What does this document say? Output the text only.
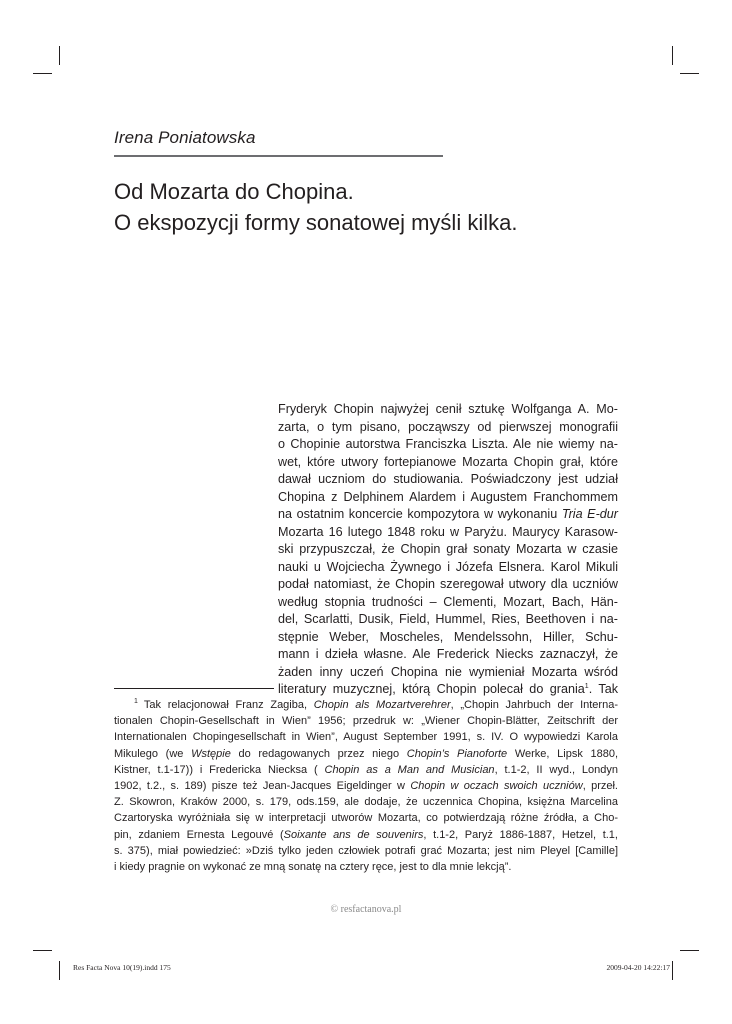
Irena Poniatowska
Od Mozarta do Chopina.
O ekspozycji formy sonatowej myśli kilka.
Fryderyk Chopin najwyżej cenił sztukę Wolfganga A. Mo-
zarta, o tym pisano, począwszy od pierwszej monografii
o Chopinie autorstwa Franciszka Liszta. Ale nie wiemy na-
wet, które utwory fortepianowe Mozarta Chopin grał, które
dawał uczniom do studiowania. Poświadczony jest udział
Chopina z Delphinem Alardem i Augustem Franchommem
na ostatnim koncercie kompozytora w wykonaniu Tria E-dur
Mozarta 16 lutego 1848 roku w Paryżu. Maurycy Karasow-
ski przypuszczał, że Chopin grał sonaty Mozarta w czasie
nauki u Wojciecha Żywnego i Józefa Elsnera. Karol Mikuli
podał natomiast, że Chopin szeregował utwory dla uczniów
według stopnia trudności – Clementi, Mozart, Bach, Hän-
del, Scarlatti, Dusik, Field, Hummel, Ries, Beethoven i na-
stępnie Weber, Moscheles, Mendelssohn, Hiller, Schu-
mann i dzieła własne. Ale Frederick Niecks zaznaczył, że
żaden inny uczeń Chopina nie wymieniał Mozarta wśród
literatury muzycznej, którą Chopin polecał do grania$^1$. Tak
$^1$ Tak relacjonował Franz Zagiba, Chopin als Mozartverehrer, „Chopin Jahrbuch der Interna-
tionalen Chopin-Gesellschaft in Wien” 1956; przedruk w: „Wiener Chopin-Blätter, Zeitschrift der
Internationalen Chopingesellschaft in Wien”, August September 1991, s. IV. O wypowiedzi Karola
Mikulego (we Wstępie do redagowanych przez niego Chopin’s Pianoforte Werke, Lipsk 1880,
Kistner, t.1-17)) i Fredericka Niecksa ( Chopin as a Man and Musician, t.1-2, II wyd., Londyn
1902, t.2., s. 189) pisze też Jean-Jacques Eigeldinger w Chopin w oczach swoich uczniów, przeł.
Z. Skowron, Kraków 2000, s. 179, ods.159, ale dodaje, że uczennica Chopina, księżna Marcelina
Czartoryska wyróżniała się w interpretacji utworów Mozarta, co potwierdzają różne źródła, a Cho-
pin, zdaniem Ernesta Legouvé (Soixante ans de souvenirs, t.1-2, Paryż 1886-1887, Hetzel, t.1,
s. 375), miał powiedzieć: »Dziś tylko jeden człowiek potrafi grać Mozarta; jest nim Pleyel [Camille]
i kiedy pragnie on wykonać ze mną sonatę na cztery ręce, jest to dla mnie lekcją”.
© resfactanova.pl
Res Facta Nova 10(19).indd 175	2009-04-20 14:22:17
